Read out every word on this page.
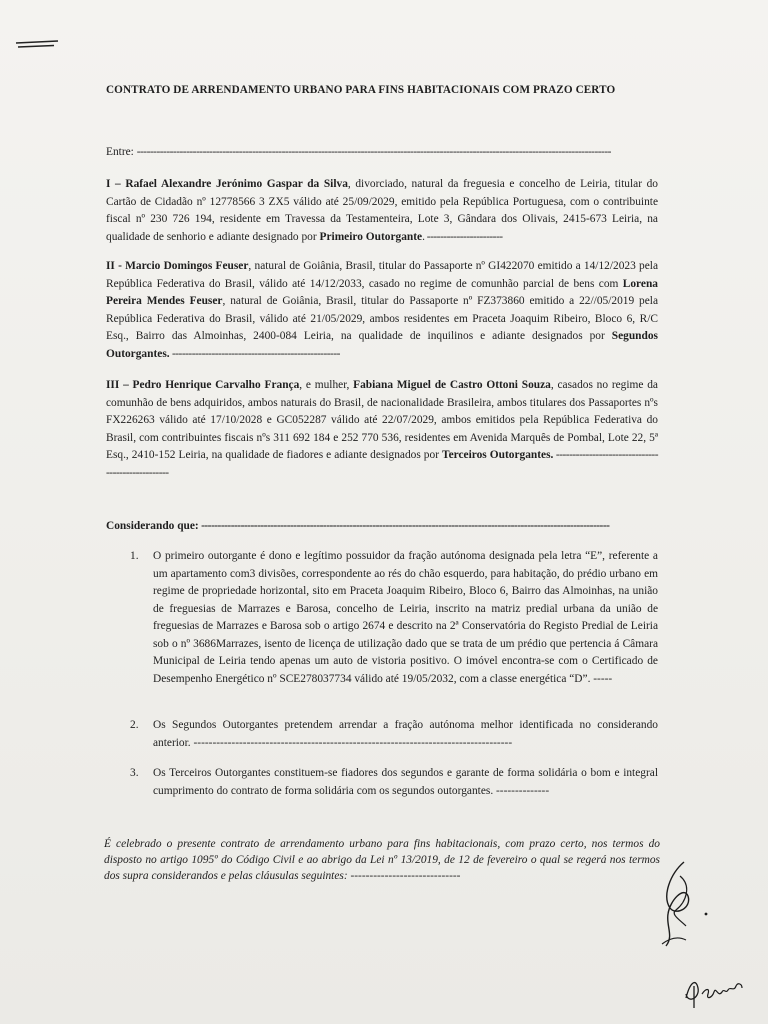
CONTRATO DE ARRENDAMENTO URBANO PARA FINS HABITACIONAIS COM PRAZO CERTO
Entre: ------------------------------------------------------------------------------------------------------------------------------------------------
I – Rafael Alexandre Jerónimo Gaspar da Silva, divorciado, natural da freguesia e concelho de Leiria, titular do Cartão de Cidadão nº 12778566 3 ZX5 válido até 25/09/2029, emitido pela República Portuguesa, com o contribuinte fiscal nº 230 726 194, residente em Travessa da Testamenteira, Lote 3, Gândara dos Olivais, 2415-673 Leiria, na qualidade de senhorio e adiante designado por Primeiro Outorgante. -----------------------
II - Marcio Domingos Feuser, natural de Goiânia, Brasil, titular do Passaporte nº GI422070 emitido a 14/12/2023 pela República Federativa do Brasil, válido até 14/12/2033, casado no regime de comunhão parcial de bens com Lorena Pereira Mendes Feuser, natural de Goiânia, Brasil, titular do Passaporte nº FZ373860 emitido a 22//05/2019 pela República Federativa do Brasil, válido até 21/05/2029, ambos residentes em Praceta Joaquim Ribeiro, Bloco 6, R/C Esq., Bairro das Almoinhas, 2400-084 Leiria, na qualidade de inquilinos e adiante designados por Segundos Outorgantes. ---------------------------------------------------
III – Pedro Henrique Carvalho França, e mulher, Fabiana Miguel de Castro Ottoni Souza, casados no regime da comunhão de bens adquiridos, ambos naturais do Brasil, de nacionalidade Brasileira, ambos titulares dos Passaportes nºs FX226263 válido até 17/10/2028 e GC052287 válido até 22/07/2029, ambos emitidos pela República Federativa do Brasil, com contribuintes fiscais nºs 311 692 184 e 252 770 536, residentes em Avenida Marquês de Pombal, Lote 22, 5ª Esq., 2410-152 Leiria, na qualidade de fiadores e adiante designados por Terceiros Outorgantes. --------------------------------------------------
Considerando que: ----------------------------------------------------------------------------------------------------------------------------
1.	O primeiro outorgante é dono e legítimo possuidor da fração autónoma designada pela letra “E”, referente a um apartamento com3 divisões, correspondente ao rés do chão esquerdo, para habitação, do prédio urbano em regime de propriedade horizontal, sito em Praceta Joaquim Ribeiro, Bloco 6, Bairro das Almoinhas, na união de freguesias de Marrazes e Barosa, concelho de Leiria, inscrito na matriz predial urbana da união de freguesias de Marrazes e Barosa sob o artigo 2674 e descrito na 2ª Conservatória do Registo Predial de Leiria sob o nº 3686Marrazes, isento de licença de utilização dado que se trata de um prédio que pertencia á Câmara Municipal de Leiria tendo apenas um auto de vistoria positivo. O imóvel encontra-se com o Certificado de Desempenho Energético nº SCE278037734 válido até 19/05/2032, com a classe energética “D”. -----
2.	Os Segundos Outorgantes pretendem arrendar a fração autónoma melhor identificada no considerando anterior. ------------------------------------------------------------------------------------
3.	Os Terceiros Outorgantes constituem-se fiadores dos segundos e garante de forma solidária o bom e integral cumprimento do contrato de forma solidária com os segundos outorgantes. --------------
É celebrado o presente contrato de arrendamento urbano para fins habitacionais, com prazo certo, nos termos do disposto no artigo 1095º do Código Civil e ao abrigo da Lei nº 13/2019, de 12 de fevereiro o qual se regerá nos termos dos supra considerandos e pelas cláusulas seguintes: -----------------------------
